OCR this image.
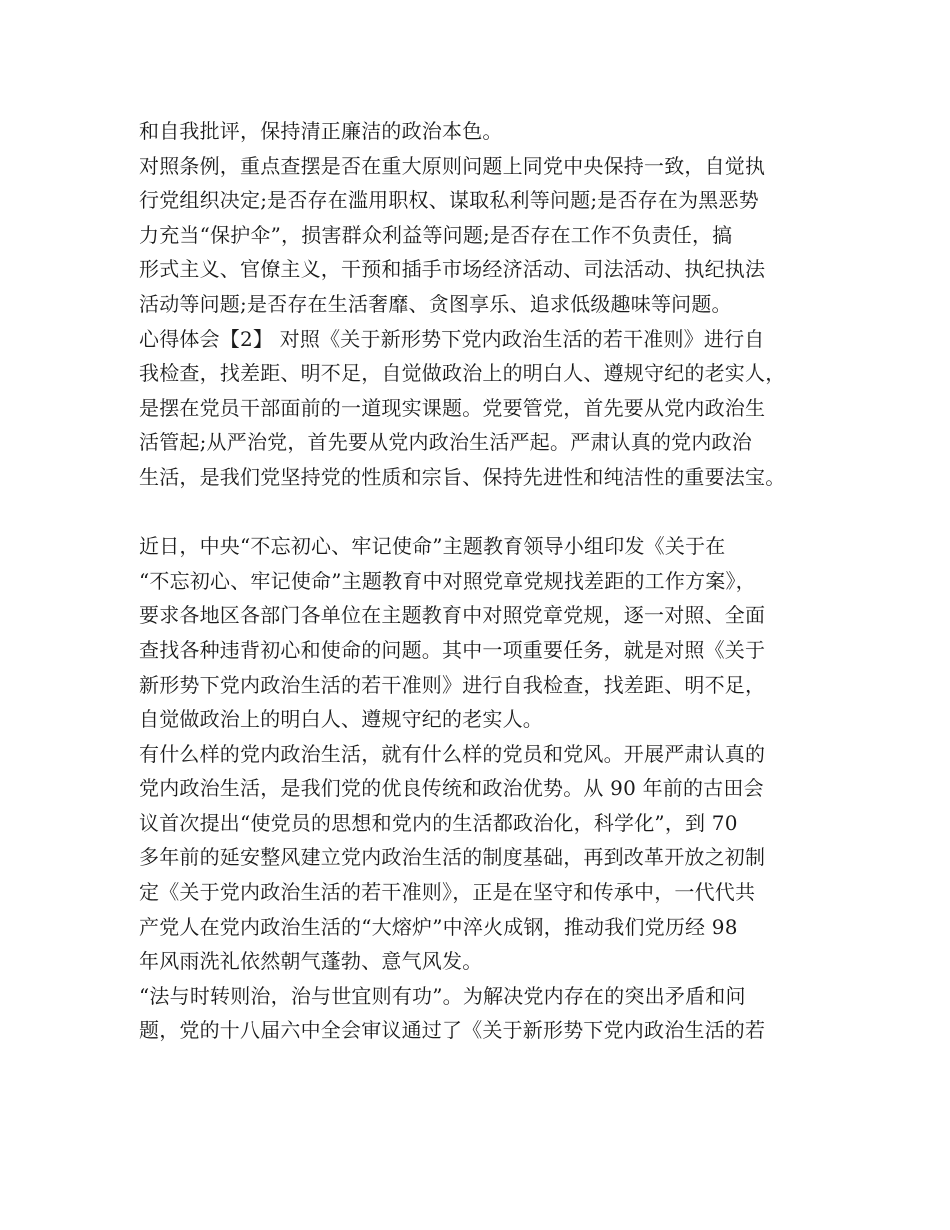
和自我批评，保持清正廉洁的政治本色。
对照条例，重点查摆是否在重大原则问题上同党中央保持一致，自觉执
行党组织决定;是否存在滥用职权、谋取私利等问题;是否存在为黑恶势
力充当“保护伞”，损害群众利益等问题;是否存在工作不负责任，搞
形式主义、官僚主义，干预和插手市场经济活动、司法活动、执纪执法
活动等问题;是否存在生活奢靡、贪图享乐、追求低级趣味等问题。
心得体会【2】 对照《关于新形势下党内政治生活的若干准则》进行自
我检查，找差距、明不足，自觉做政治上的明白人、遵规守纪的老实人，
是摆在党员干部面前的一道现实课题。党要管党，首先要从党内政治生
活管起;从严治党，首先要从党内政治生活严起。严肃认真的党内政治
生活，是我们党坚持党的性质和宗旨、保持先进性和纯洁性的重要法宝。
近日，中央“不忘初心、牢记使命”主题教育领导小组印发《关于在
“不忘初心、牢记使命”主题教育中对照党章党规找差距的工作方案》，
要求各地区各部门各单位在主题教育中对照党章党规，逐一对照、全面
查找各种违背初心和使命的问题。其中一项重要任务，就是对照《关于
新形势下党内政治生活的若干准则》进行自我检查，找差距、明不足，
自觉做政治上的明白人、遵规守纪的老实人。
有什么样的党内政治生活，就有什么样的党员和党风。开展严肃认真的
党内政治生活，是我们党的优良传统和政治优势。从 90 年前的古田会
议首次提出“使党员的思想和党内的生活都政治化，科学化”，到 70
多年前的延安整风建立党内政治生活的制度基础，再到改革开放之初制
定《关于党内政治生活的若干准则》，正是在坚守和传承中，一代代共
产党人在党内政治生活的“大熔炉”中淬火成钢，推动我们党历经 98
年风雨洗礼依然朝气蓬勃、意气风发。
“法与时转则治，治与世宜则有功”。为解决党内存在的突出矛盾和问
题，党的十八届六中全会审议通过了《关于新形势下党内政治生活的若
